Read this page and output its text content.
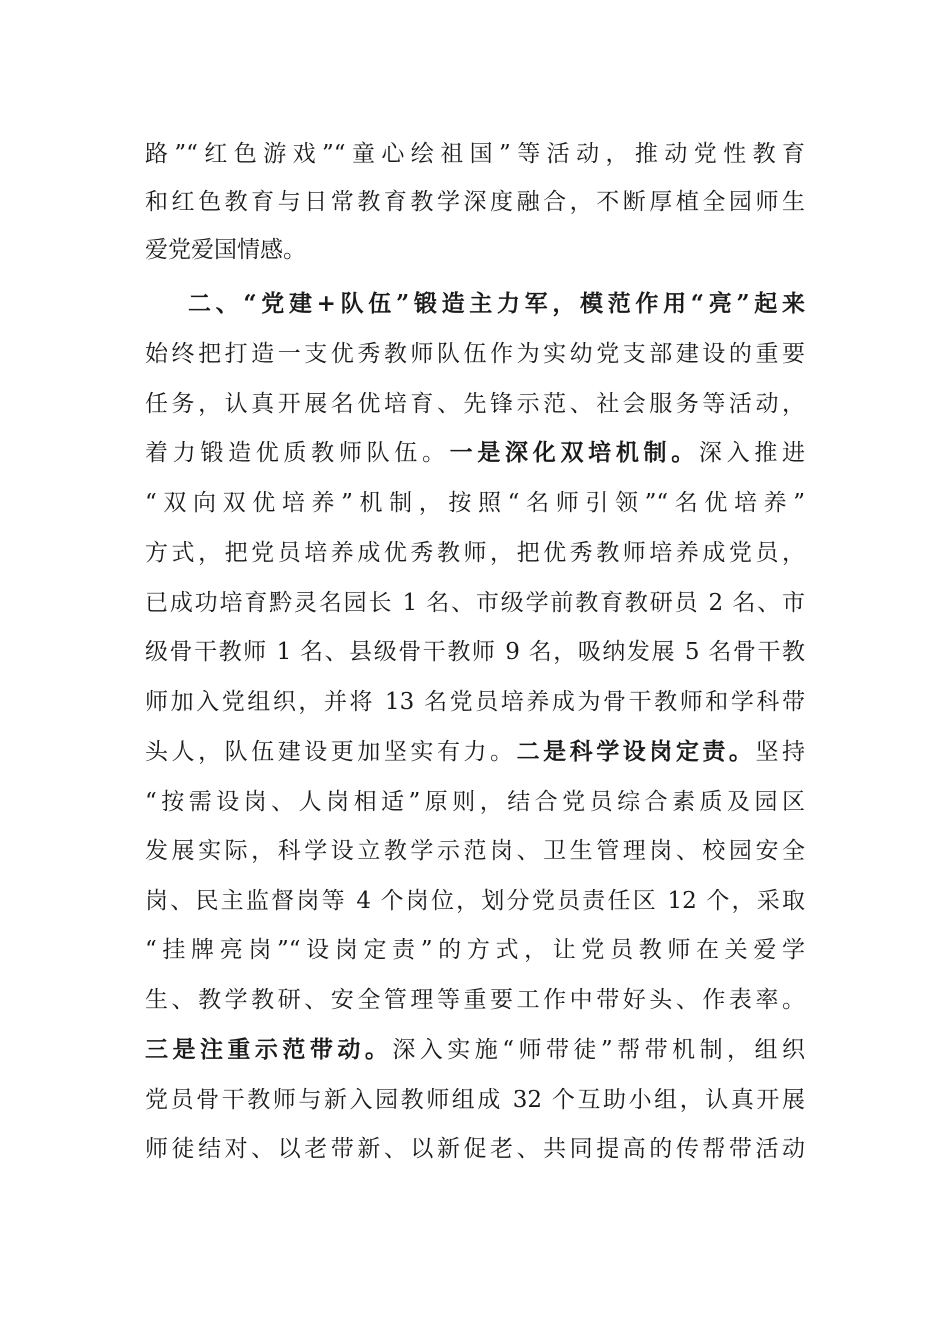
路”“红色游戏”“童心绘祖国”等活动，推动党性教育
和红色教育与日常教育教学深度融合，不断厚植全园师生
爱党爱国情感。
二、“党建+队伍”锻造主力军，模范作用“亮”起来
始终把打造一支优秀教师队伍作为实幼党支部建设的重要
任务，认真开展名优培育、先锋示范、社会服务等活动，
着力锻造优质教师队伍。一是深化双培机制。深入推进
“双向双优培养”机制，按照“名师引领”“名优培养”
方式，把党员培养成优秀教师，把优秀教师培养成党员，
已成功培育黔灵名园长 1 名、市级学前教育教研员 2 名、市
级骨干教师 1 名、县级骨干教师 9 名，吸纳发展 5 名骨干教
师加入党组织，并将 13 名党员培养成为骨干教师和学科带
头人，队伍建设更加坚实有力。二是科学设岗定责。坚持
“按需设岗、人岗相适”原则，结合党员综合素质及园区
发展实际，科学设立教学示范岗、卫生管理岗、校园安全
岗、民主监督岗等 4 个岗位，划分党员责任区 12 个，采取
“挂牌亮岗”“设岗定责”的方式，让党员教师在关爱学
生、教学教研、安全管理等重要工作中带好头、作表率。
三是注重示范带动。深入实施“师带徒”帮带机制，组织
党员骨干教师与新入园教师组成 32 个互助小组，认真开展
师徒结对、以老带新、以新促老、共同提高的传帮带活动
